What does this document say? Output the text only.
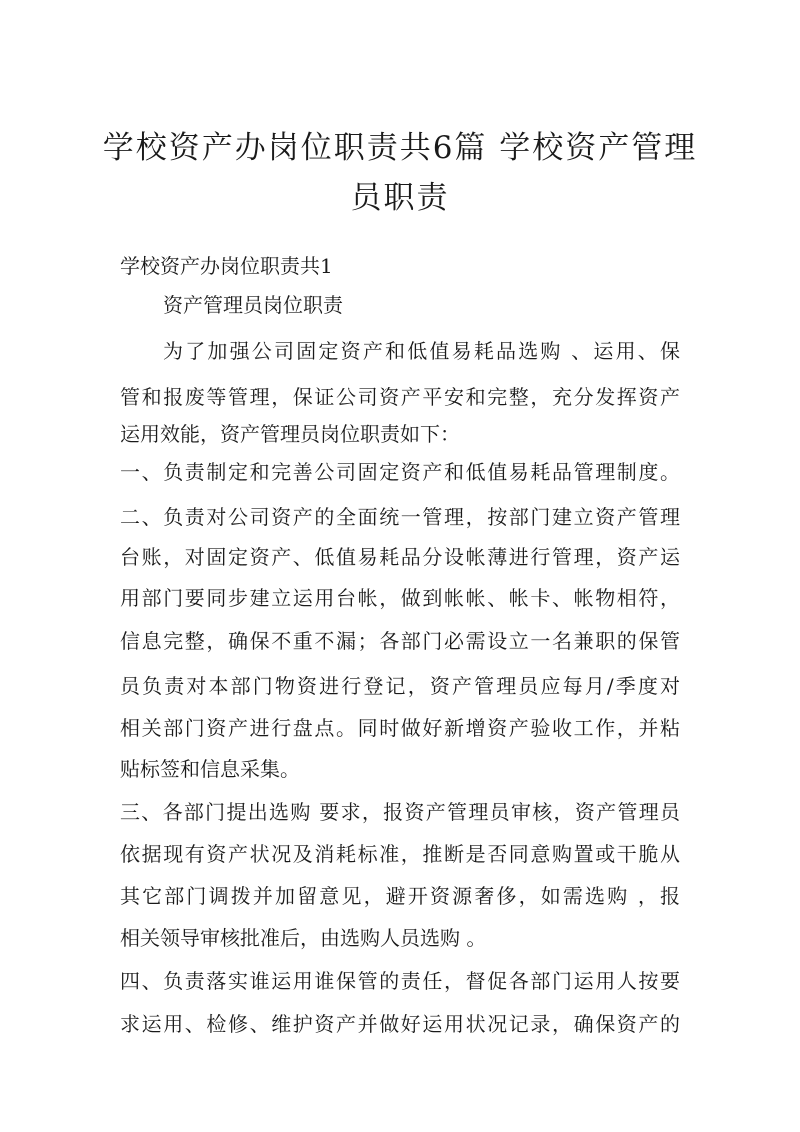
学校资产办岗位职责共6篇 学校资产管理
员职责

学校资产办岗位职责共1

资产管理员岗位职责

为了加强公司固定资产和低值易耗品选购 、运用、保

管和报废等管理，保证公司资产平安和完整，充分发挥资产

运用效能，资产管理员岗位职责如下：

一、负责制定和完善公司固定资产和低值易耗品管理制度。

二、负责对公司资产的全面统一管理，按部门建立资产管理

台账，对固定资产、低值易耗品分设帐薄进行管理，资产运

用部门要同步建立运用台帐，做到帐帐、帐卡、帐物相符，

信息完整，确保不重不漏；各部门必需设立一名兼职的保管

员负责对本部门物资进行登记，资产管理员应每月/季度对

相关部门资产进行盘点。同时做好新增资产验收工作，并粘

贴标签和信息采集。

三、各部门提出选购 要求，报资产管理员审核，资产管理员

依据现有资产状况及消耗标准，推断是否同意购置或干脆从

其它部门调拨并加留意见，避开资源奢侈，如需选购 ，报

相关领导审核批准后，由选购人员选购 。

四、负责落实谁运用谁保管的责任，督促各部门运用人按要

求运用、检修、维护资产并做好运用状况记录，确保资产的
